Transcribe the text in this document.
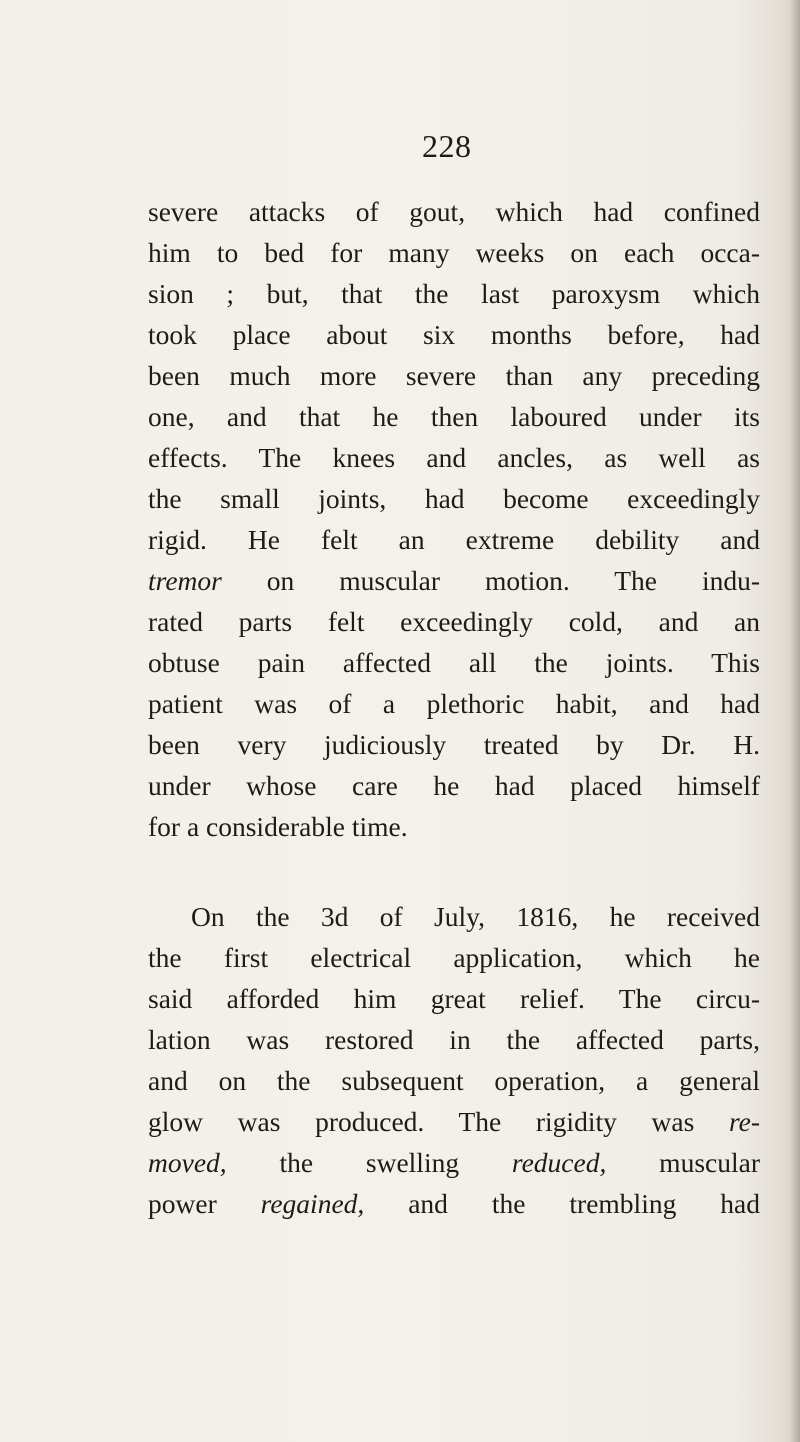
228
severe attacks of gout, which had confined
him to bed for many weeks on each occa-
sion ; but, that the last paroxysm which
took place about six months before, had
been much more severe than any preceding
one, and that he then laboured under its
effects. The knees and ancles, as well as
the small joints, had become exceedingly
rigid. He felt an extreme debility and
tremor on muscular motion. The indu-
rated parts felt exceedingly cold, and an
obtuse pain affected all the joints. This
patient was of a plethoric habit, and had
been very judiciously treated by Dr. H.
under whose care he had placed himself
for a considerable time.
On the 3d of July, 1816, he received
the first electrical application, which he
said afforded him great relief. The circu-
lation was restored in the affected parts,
and on the subsequent operation, a general
glow was produced. The rigidity was re-
moved, the swelling reduced, muscular
power regained, and the trembling had
